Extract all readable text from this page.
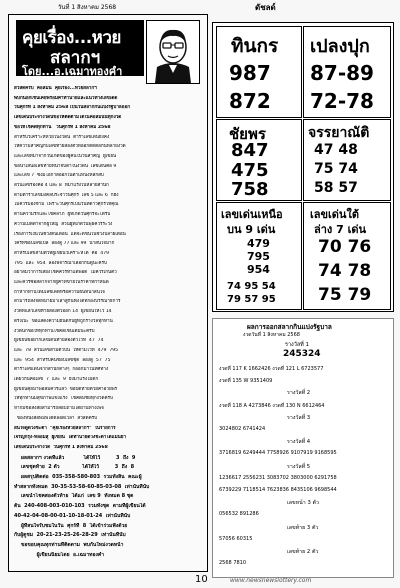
วันที่ 1 สิงหาคม 2568	ดัชลด์
คุยเรื่อง...หวย
สลากฯ
โดย...อ.เฉมาทองคำ
สวัสดีครับ  คอลัมน์  คุยเรื่อง...หวยสลากฯ
พบกันอีกเช่นเคยพร้อมคำทำนายและแนวทางเลขเด็ด
วันศุกร์ที่ 1 สิงหาคม 2568 เป็นวันสลากกินแบ่งรัฐบาลออก
เลขเด่นประจำงวดนี้ขอให้ติดตามได้ในคอลัมน์นี้ทุกงวด
ขอให้โชคดีทุกท่าน   วันศุกร์ที่ 1 สิงหาคม 2568
สำหรับวิเคราะห์หวยในงวดนี้  ตำราเลขเด่นยังคง
ให้ความสำคัญกับเลขท้ายสองตัวที่ออกติดต่อกันหลายงวด
และเลขที่มาจากวันเกิดของผู้คนในวันสำคัญ  ผู้เขียน
ขอนำเสนอเลขท้ายที่น่าจับตาในงวดนี้  เลขเด่นคือ 9
และเลข 7  ซึ่งมีโอกาสออกในตำแหน่งหลักสิบ
ส่วนเลขรองคือ 4 และ 8  ที่มาแรงในหลายสำนัก
ตามตำราเลขมงคลประจำวันศุกร์  เลข 5 และ 6  ก็ยัง
ไม่ควรมองข้าม  เพราะวันศุกร์เป็นวันที่ดาวศุกร์ให้คุณ
ด้านความรักและโชคลาภ  ผู้ที่เกิดวันศุกร์จะได้รับ
ความเมตตาจากผู้ใหญ่  ส่วนผู้ที่เกิดวันพุธควรระวัง
เรื่องการเงินในช่วงต้นเดือน  แต่จะดีขึ้นในช่วงปลายเดือน
ใครที่ชอบเลขเบิ้ล  ลองดู 77 และ 99  น่าสนใจมาก
สำหรับเลขสามตัวที่ผู้เขียนวิเคราะห์ได้  คือ  479
795  และ  954  ลองพิจารณาเลือกกันดูนะครับ
อย่าลืมว่าการเสี่ยงโชคควรทำแต่พอดี  ไม่ควรเกินตัว
และควรซื้อสลากจากผู้ค้าที่ขายในราคาที่กำหนด
ถ้าหากท่านใดมีเลขเด็ดหรือความฝันที่น่าสนใจ
สามารถส่งจดหมายมาเล่าสู่กันฟังได้ที่กองบรรณาธิการ
งวดที่แล้วเลขท้ายสองตัวออก 14  ผู้เขียนให้ไว้ 14
ตรงเป๊ะ  ขอแสดงความยินดีกับผู้ที่ถูกรางวัลทุกท่าน
งวดนี้ก็ขอให้ทุกท่านโชคดีเช่นเดิมนะครับ
ผู้เขียนขอฝากเลขเด่นท้ายสองตัวไว้ที่  47  74
และ  78  ส่วนเลขสามตัวบน  ให้ตามไว้ที่  479  795
และ  954  สำหรับคนชอบเลขชุด  ลองดู  57  75
ตำราเลขเด่นจากสำนักต่างๆ  ก็ออกมาในทิศทาง
เดียวกันคือเลข  7  และ  9  ยังมาแรงไม่ตก
ผู้เขียนคุยมาพอสมควรแล้ว  ขอปิดท้ายด้วยคำอวยพร
ให้ทุกท่านมีสุขภาพแข็งแรง  โชคดีมีชัยทุกงวดครับ
หากมีข้อสงสัยสามารถสอบถามได้ผ่านทางเพจ
ของหนังสือพิมพ์ได้ตลอดเวลา  สวัสดีครับ
สนใจดูดวงชะตา  "คุยเรื่องหวยสลากฯ"  ในรายการ
เจริญกรุง-หลอมสุ  ผู้เขียน  ได้ทำนายดวงชะตาได้แม่นยำ
เลขเด่นประจำงวด  วันศุกร์ที่ 1 สิงหาคม 2568
ผลสลากฯ งวดที่แล้ว           ได้ให้ไว้         3  ถึง  9
เลขชุดท้าย  2 ตัว             ได้ให้ไว้         3  ถึง  8
ผลสรุปติดต่อ  035-358-580-803  รวมทั้งสิ้น  คณะผู้
ทำสลากทั้งหมด  30-35-53-58-60-85-03-08  เท่านั้นที่นับ
เลขนำโชคสองตัวท้าย  ได้แก่  เลข 9  ทั้งหมด 8 ชุด
ต้น  240-408-003-010-103  รวมทั้งชุด  ตามที่ผู้เขียนได้
40-42-04-08-00-01-10-18-01-24  เท่านั้นที่นับ
ผู้ที่สนใจรับชมในวัน  ศุกร์ที่  8  ได้เข้าร่วมฟังด้วย
กับผู้ดูชม  20-21-23-25-26-28-29  เท่านั้นที่นับ
ขอขอบคุณทุกท่านที่ติดตาม  พบกันใหม่งวดหน้า
ผู้เขียนนิยมโดย  อ.เฉมาทองคำ
ทินกร
987
872
เปลงปุก
87-89
72-78
ชัยพร
847
475
758
จรรยาณัติ
47 48
75 74
58 57
เลขเด่นเหนือ
บน 9 เด่น
479
795
954
74 95 54
79 57 95
เลขเด่นใต้
ล่าง 7 เด่น
70 76
74 78
75 79
ผลการออกสลากกินแบ่งรัฐบาล
งวดวันที่ 1 สิงหาคม 2568
รางวัลที่ 1
245324
งวดที่ 117 K 1662426 งวดที่ 121 L 6723577
งวดที่ 135 W 9351409
รางวัลที่ 2
งวดที่ 118 A 4273846 งวดที่ 130 N 6612464
รางวัลที่ 3
3024802 6741424
รางวัลที่ 4
3716819 6249444 7758926 9107919 9168595
รางวัลที่ 5
1236617 2556231 3083702 3803000 6291758
6739229 7118514 7623836 8435106 9698544
เลขหน้า 3 ตัว
056532 891286
เลขท้าย 3 ตัว
57056 60315
เลขท้าย 2 ตัว
2568 7810
10	www.newsnewslottery.com
